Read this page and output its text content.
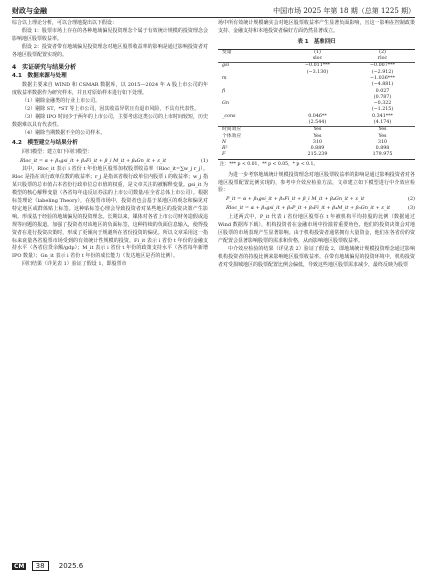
财政与金融	中国市场 2025 年第 18 期（总第 1225 期）

综合以上理论分析，可以合理地提出以下假设：

假设 1：股票市场上存在的各种地域偏见投资理念个属于有效统计规模的投资理念会影响地区股票收益率。

假设 2：投资者带有地域偏见投资理念对地区股票收益率的影响是通过影响投资者对各地区股票配置实现的。

4　实证研究与结果分析
4.1　数据来源与处理

数据主要来自 WIND 和 CSMAR 数据库，以 2015—2024 年 A 股上市公司的年度收益率数据作为研究样本，并且对原始样本进行如下处理。

（1）剔除金融类的行业上市公司。

（2）剔除 ST、*ST 等上市公司，因其收益异常且有退市风险，不具有代表性。

（3）剔除 IPO 时间少于两年的上市公司，主要考虑这类公司的上市时间较短，历史数据难以具有代表性。

（4）剔除当期数据不全的公司样本。

4.2　模型建立与结果分析

回归模型：建立如下回归模型：

Rloc_it = α + β₁gsi_it + β₂Fi_it + β_i M_it + β₄Gn_it + ε_it	(1)

其中，Rloc_it 表示 i 省份 t 年份地区股票加权股票收益率（Rloc_it=∑w_j r_j）。Rloc 是指在该行政单位数的收益率；r_j 是指该省级行政单位内股票 i 的收益率；w_j 指某只股票的总市值占本省份行政单位总市值的权重，是文章关注的被解释变量。gsi_it 为模型的核心解释变量（各省每年违反证券法的上市公司数量/在全省总体上市公司）。根据标签理论（labeling Theory），在股票市场中，投资者也会基于某地区的观念和偏见对特定地区或群体贴上标签。这种贴标签心理会导致投资者对某些地区的投资决策产生影响。形成基于经验的地域偏见的投资理念。长期以来，媒体对各省上市公司财务造假或违规等问题的报道，加强了投资者对该地区的负面标签，这种持续的负面信息输入，使得投资者在进行投资决策时，形成了更倾向于规避所在省份投资的偏见。所以文章采用这一指标来衰量各省股票市场受到的有效统计性规模的投资。Fi_it 表示 i 省份 t 年份的金融支持水平（各省信贷余额/gdp）；M_it 表示 i 省份 t 年份的政策支持水平（各省每年新增 IPO 数量）；Gn_it 表示 i 省份 t 年份的成长能力（发达地区是否的比例）。

回归结果（详见表 1）验证了假设 1，即股票市

场中所有效统计规模确实会对地区股票收益率产生显著负面影响，且这一影响在控制政策支持、金融支持和本地投资者偏好方面仍然显著成立。

表 1　基准回归
变量	(1)	(2)
	sloc	rloc
gsi	−0.011***	−0.007***
	(−3.130)	(−2.912)
m		−1.036***
		(−4.881)
fi		0.027
		(0.787)
Gn		−0.322
		(−1.215)
_cons	0.046**	0.341***
	(2.544)	(4.174)
时间效应	Yes	Yes
个体效应	Yes	Yes
N	310	310
R²	0.889	0.898
F	215.239	179.975
注：*** p < 0.01，** p < 0.05，* p < 0.1。

为进一步考察地域统计规模投资理念对地区股票收益率的影响是通过影响投资者对各地区股票配置比例实现的，参考中介效应检验方法，文章建立如下模型进行中介效应检验：

P_it = α + β₁gsi_it + β₂Fi_it + β_i M_it + β₄Gn_it + ε_it	(2)
Rloc_it = α + β₁gsi_it + β₂P_it + β₃Fi_it + β₄M_it + β₅Gn_it + ε_it	(3)

上述两式中，P_it 代表 i 省份地区股票在 t 年被机构平均持股的比例（数据通过 Wind 数据库下载），机构投资者在金融市场中扮演着重要角色，他们的投资决策会对地区股票的市场表现产生显著影响。由于机构投资者通常拥有大量资金，他们在各省份的资产配置会显著影响股票的需求和价格，从而影响地区股票收益率。

中介效应检验的结果（详见表 2）验证了假设 2，即地域统计规模投资理念通过影响机构投资者的持股比例来影响地区股票收益率。在带有地域偏见的投资环境中，机构投资者对受损城地区的股票配置比例会偏低，导致这些地区股票需求减少，最终反映为股票

CM 38 2025.6
